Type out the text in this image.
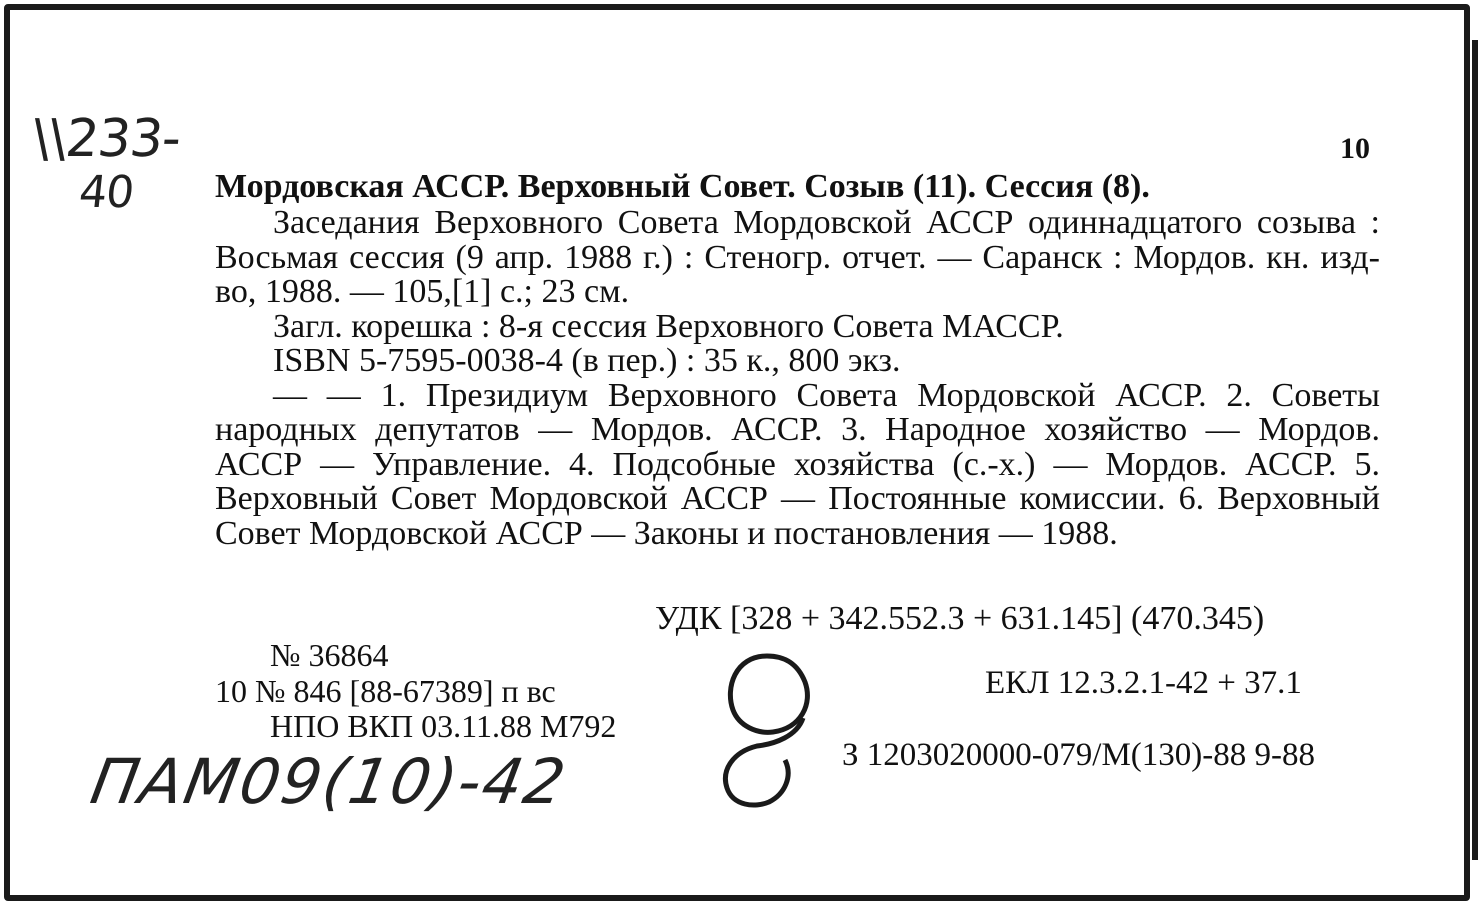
10
\\233-
40	Мордовская АССР. Верховный Совет. Созыв (11). Сессия (8).
Заседания Верховного Совета Мордовской АССР одиннадцатого созыва : Восьмая сессия (9 апр. 1988 г.) : Стеногр. отчет. — Саранск : Мордов. кн. изд-во, 1988. — 105,[1] с.; 23 см.
Загл. корешка : 8-я сессия Верховного Совета МАССР.
ISBN 5-7595-0038-4 (в пер.) : 35 к., 800 экз.
— — 1. Президиум Верховного Совета Мордовской АССР. 2. Советы народных депутатов — Мордов. АССР. 3. Народное хозяйство — Мордов. АССР — Управление. 4. Подсобные хозяйства (с.-х.) — Мордов. АССР. 5. Верховный Совет Мордовской АССР — Постоянные комиссии. 6. Верховный Совет Мордовской АССР — Законы и постановления — 1988.
УДК [328 + 342.552.3 + 631.145] (470.345)
№ 36864
10 № 846 [88-67389] п вс
НПО ВКП 03.11.88 М792
ЕКЛ 12.3.2.1-42 + 37.1
З 1203020000-079/М(130)-88 9-88
ПАМ09(10)-42
